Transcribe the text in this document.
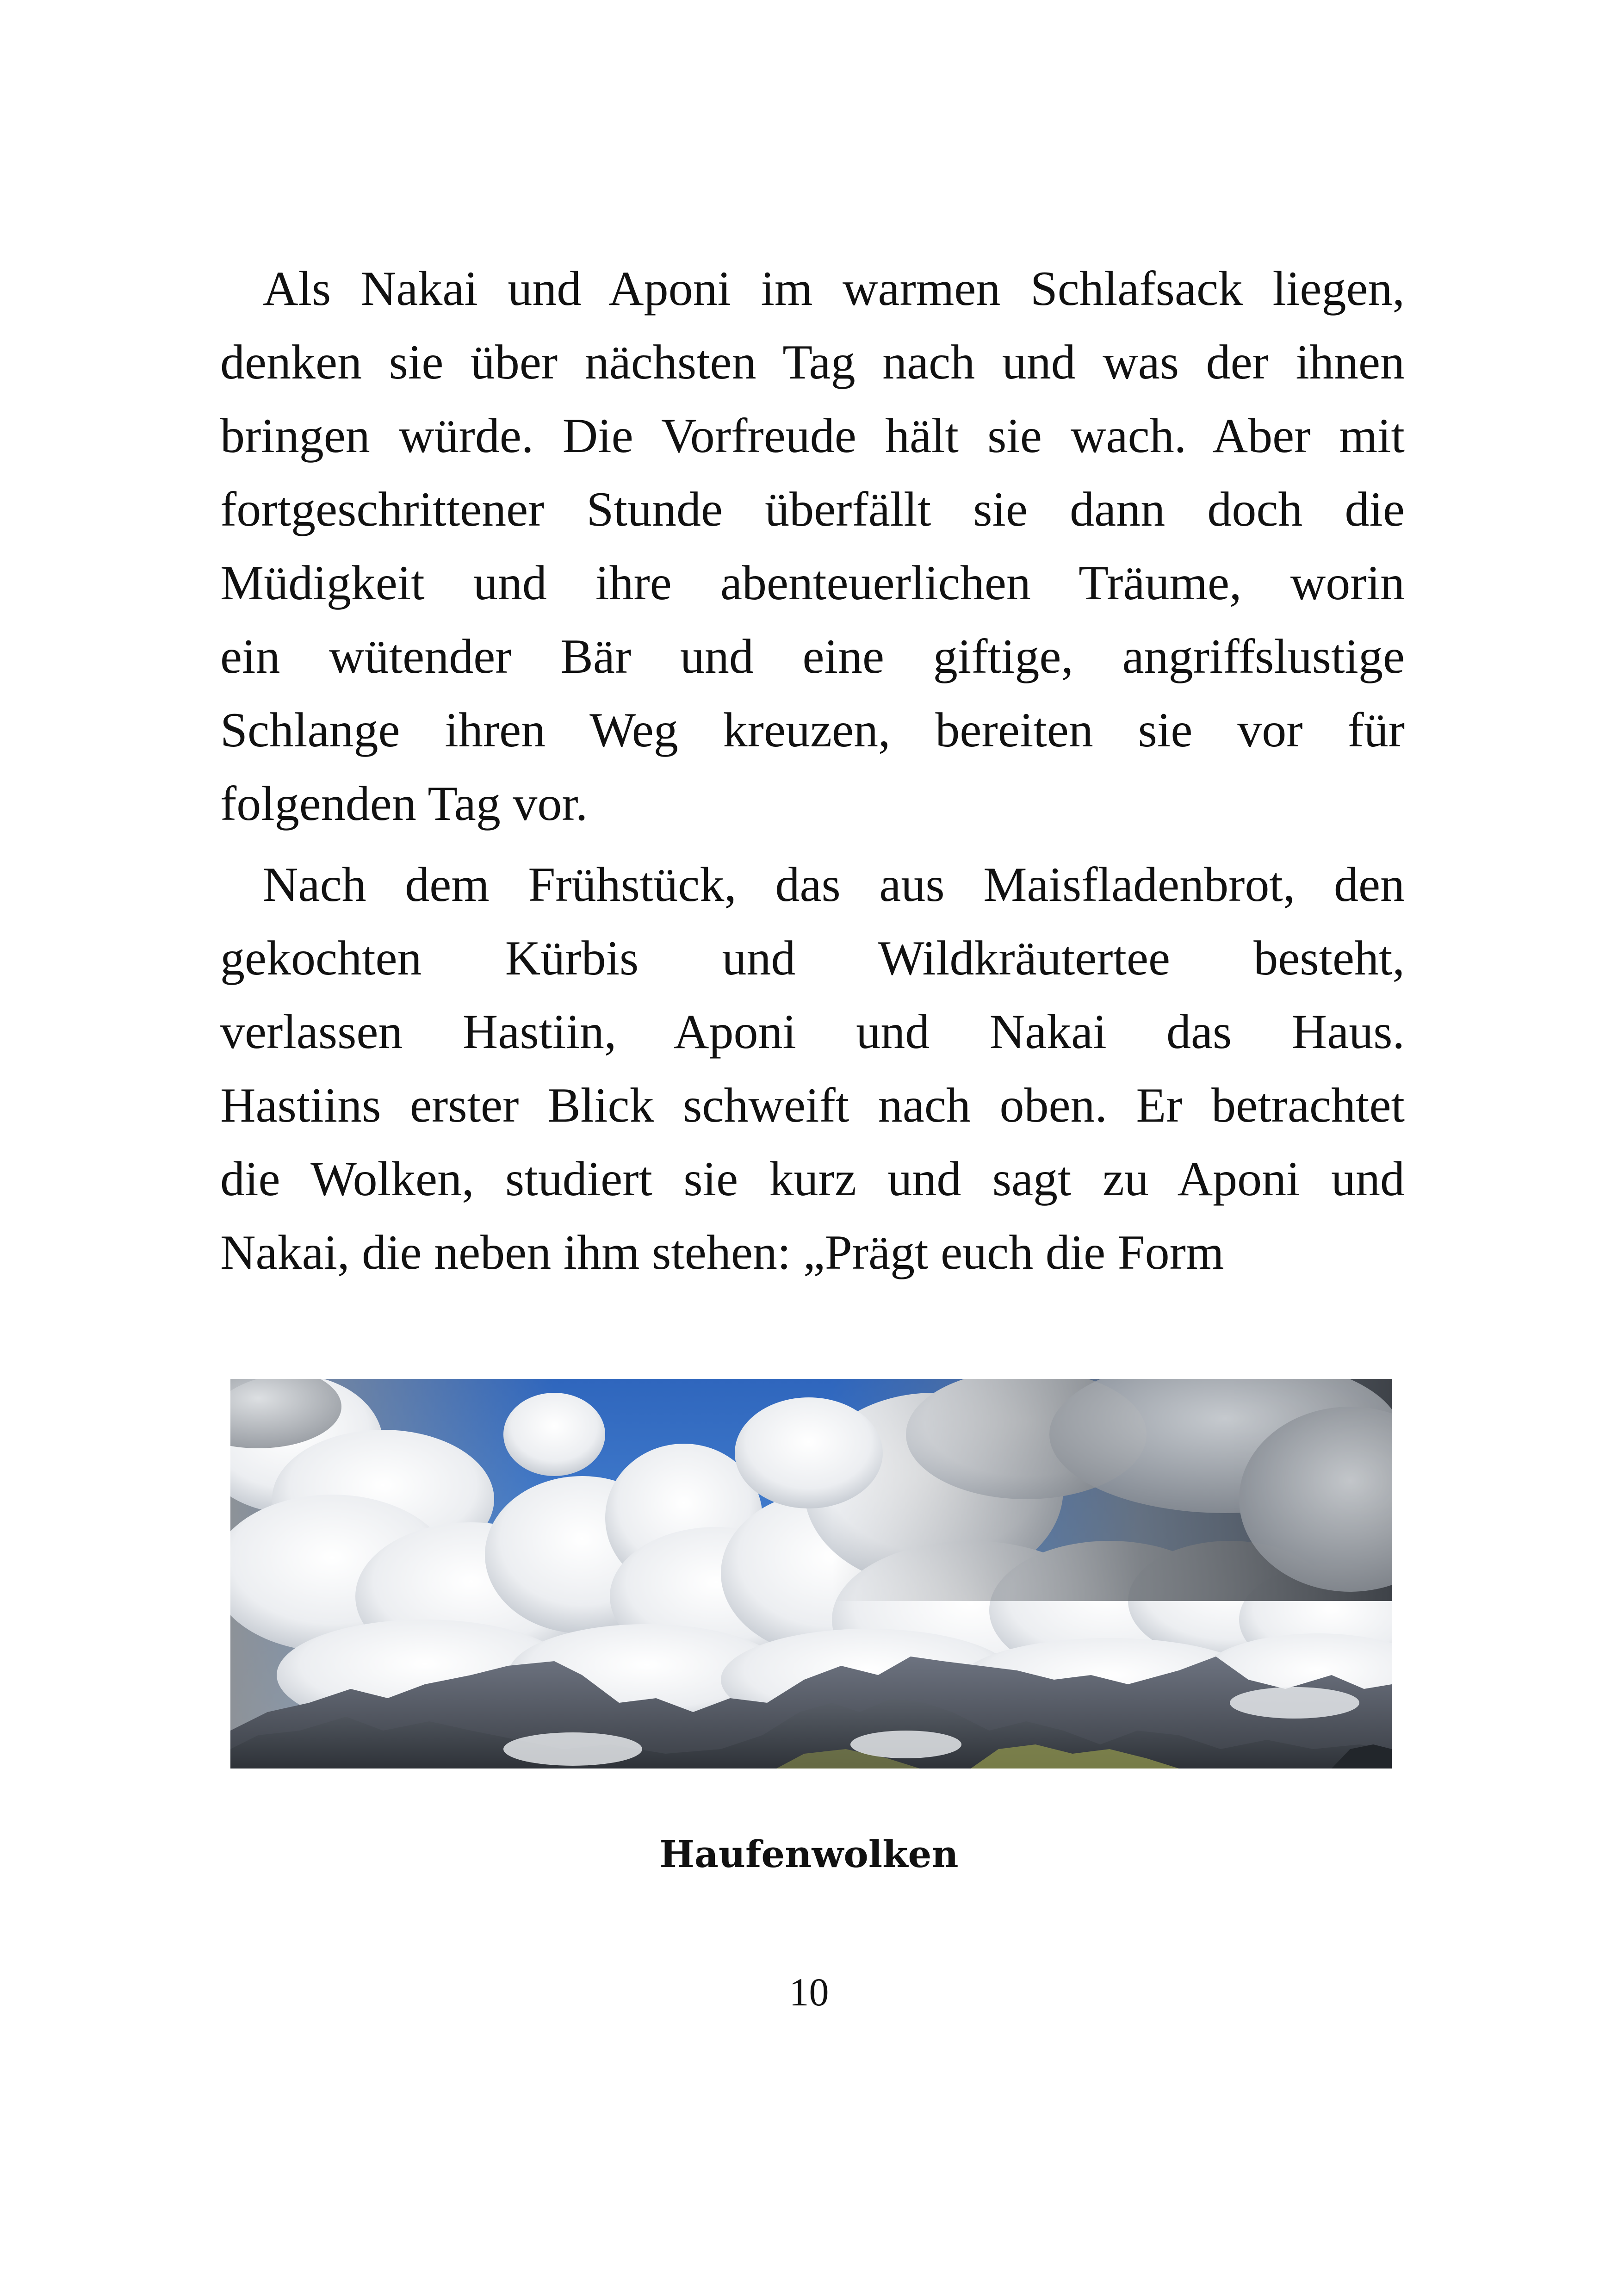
Als Nakai und Aponi im warmen Schlafsack liegen,
denken sie über nächsten Tag nach und was der ihnen
bringen würde. Die Vorfreude hält sie wach. Aber mit
fortgeschrittener Stunde überfällt sie dann doch die
Müdigkeit und ihre abenteuerlichen Träume, worin
ein wütender Bär und eine giftige, angriffslustige
Schlange ihren Weg kreuzen, bereiten sie vor für
folgenden Tag vor.
Nach dem Frühstück, das aus Maisfladenbrot, den
gekochten Kürbis und Wildkräutertee besteht,
verlassen Hastiin, Aponi und Nakai das Haus.
Hastiins erster Blick schweift nach oben. Er betrachtet
die Wolken, studiert sie kurz und sagt zu Aponi und
Nakai, die neben ihm stehen: „Prägt euch die Form
Haufenwolken
10
